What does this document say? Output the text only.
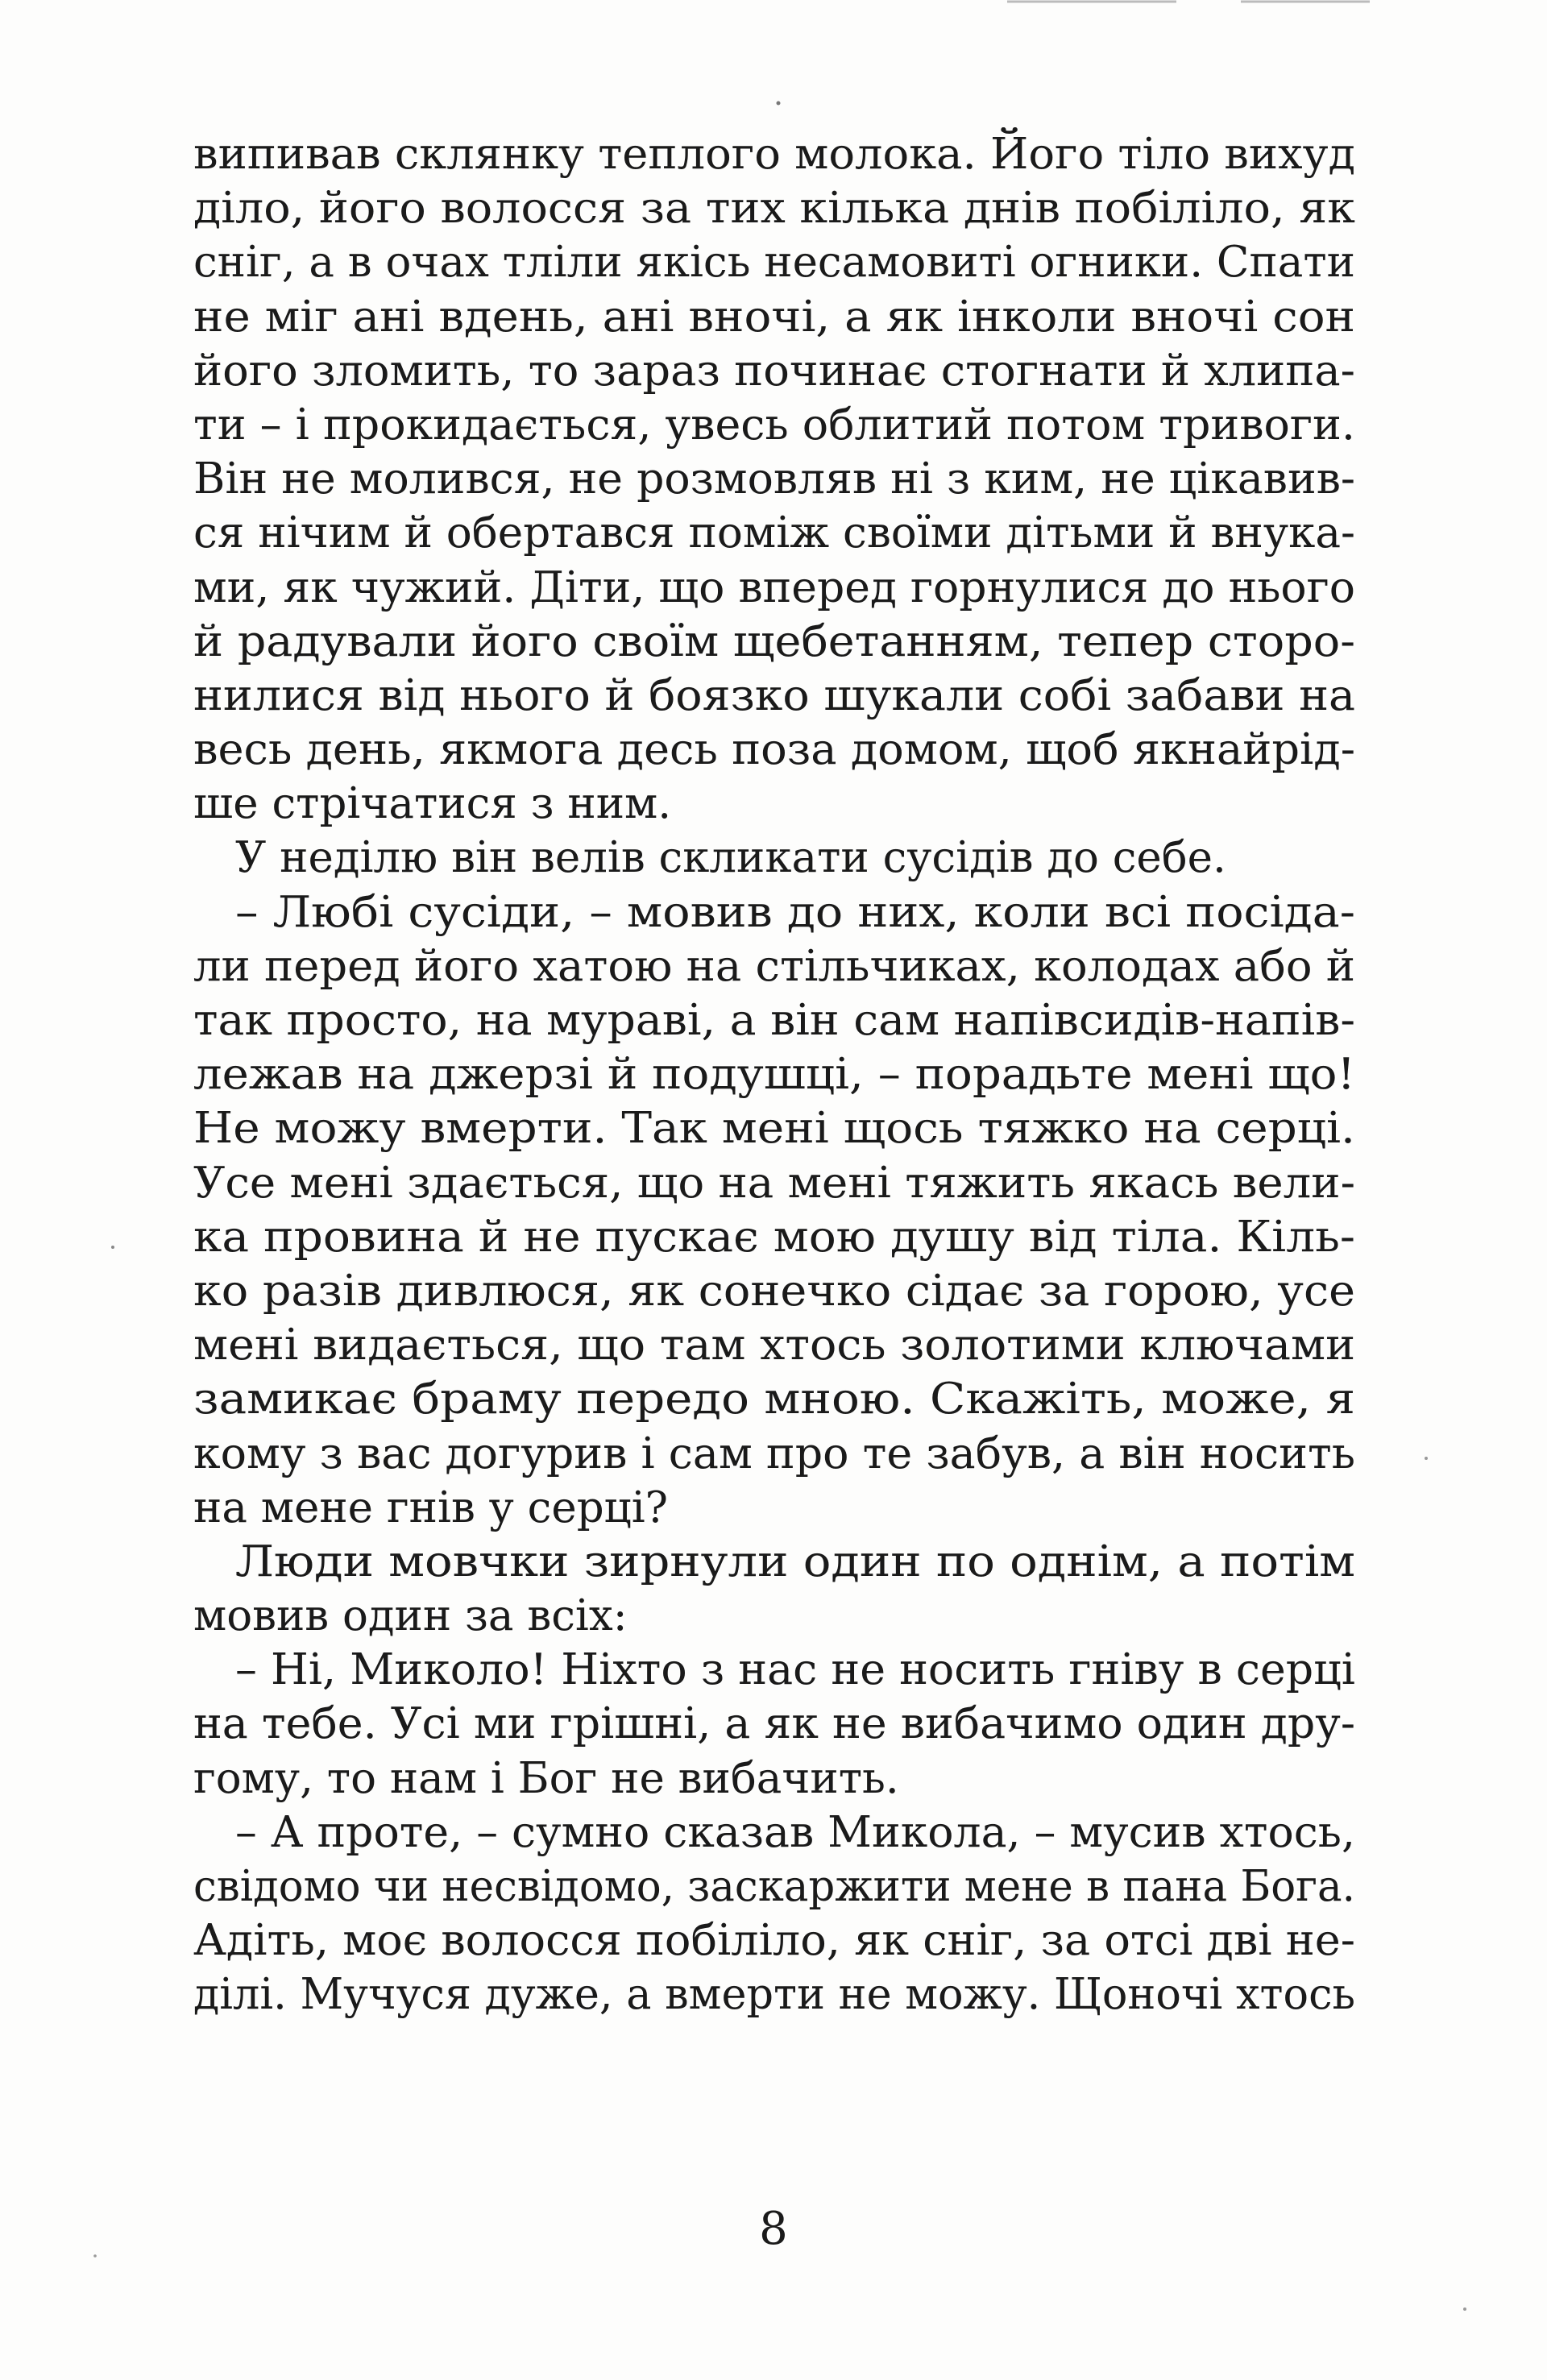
випивав склянку теплого молока. Його тіло вихуд
діло, його волосся за тих кілька днів побіліло, як
сніг, а в очах тліли якісь несамовиті огники. Спати
не міг ані вдень, ані вночі, а як інколи вночі сон
його зломить, то зараз починає стогнати й хлипа-
ти – і прокидається, увесь облитий потом тривоги.
Він не молився, не розмовляв ні з ким, не цікавив-
ся нічим й обертався поміж своїми дітьми й внука-
ми, як чужий. Діти, що вперед горнулися до нього
й радували його своїм щебетанням, тепер сторо-
нилися від нього й боязко шукали собі забави на
весь день, якмога десь поза домом, щоб якнайрід-
ше стрічатися з ним.
У неділю він велів скликати сусідів до себе.
– Любі сусіди, – мовив до них, коли всі посіда-
ли перед його хатою на стільчиках, колодах або й
так просто, на мураві, а він сам напівсидів-напів-
лежав на джерзі й подушці, – порадьте мені що!
Не можу вмерти. Так мені щось тяжко на серці.
Усе мені здається, що на мені тяжить якась вели-
ка провина й не пускає мою душу від тіла. Кіль-
ко разів дивлюся, як сонечко сідає за горою, усе
мені видається, що там хтось золотими ключами
замикає браму передо мною. Скажіть, може, я
кому з вас догурив і сам про те забув, а він носить
на мене гнів у серці?
Люди мовчки зирнули один по однім, а потім
мовив один за всіх:
– Ні, Миколо! Ніхто з нас не носить гніву в серці
на тебе. Усі ми грішні, а як не вибачимо один дру-
гому, то нам і Бог не вибачить.
– А проте, – сумно сказав Микола, – мусив хтось,
свідомо чи несвідомо, заскаржити мене в пана Бога.
Адіть, моє волосся побіліло, як сніг, за отсі дві не-
ділі. Мучуся дуже, а вмерти не можу. Щоночі хтось
8
